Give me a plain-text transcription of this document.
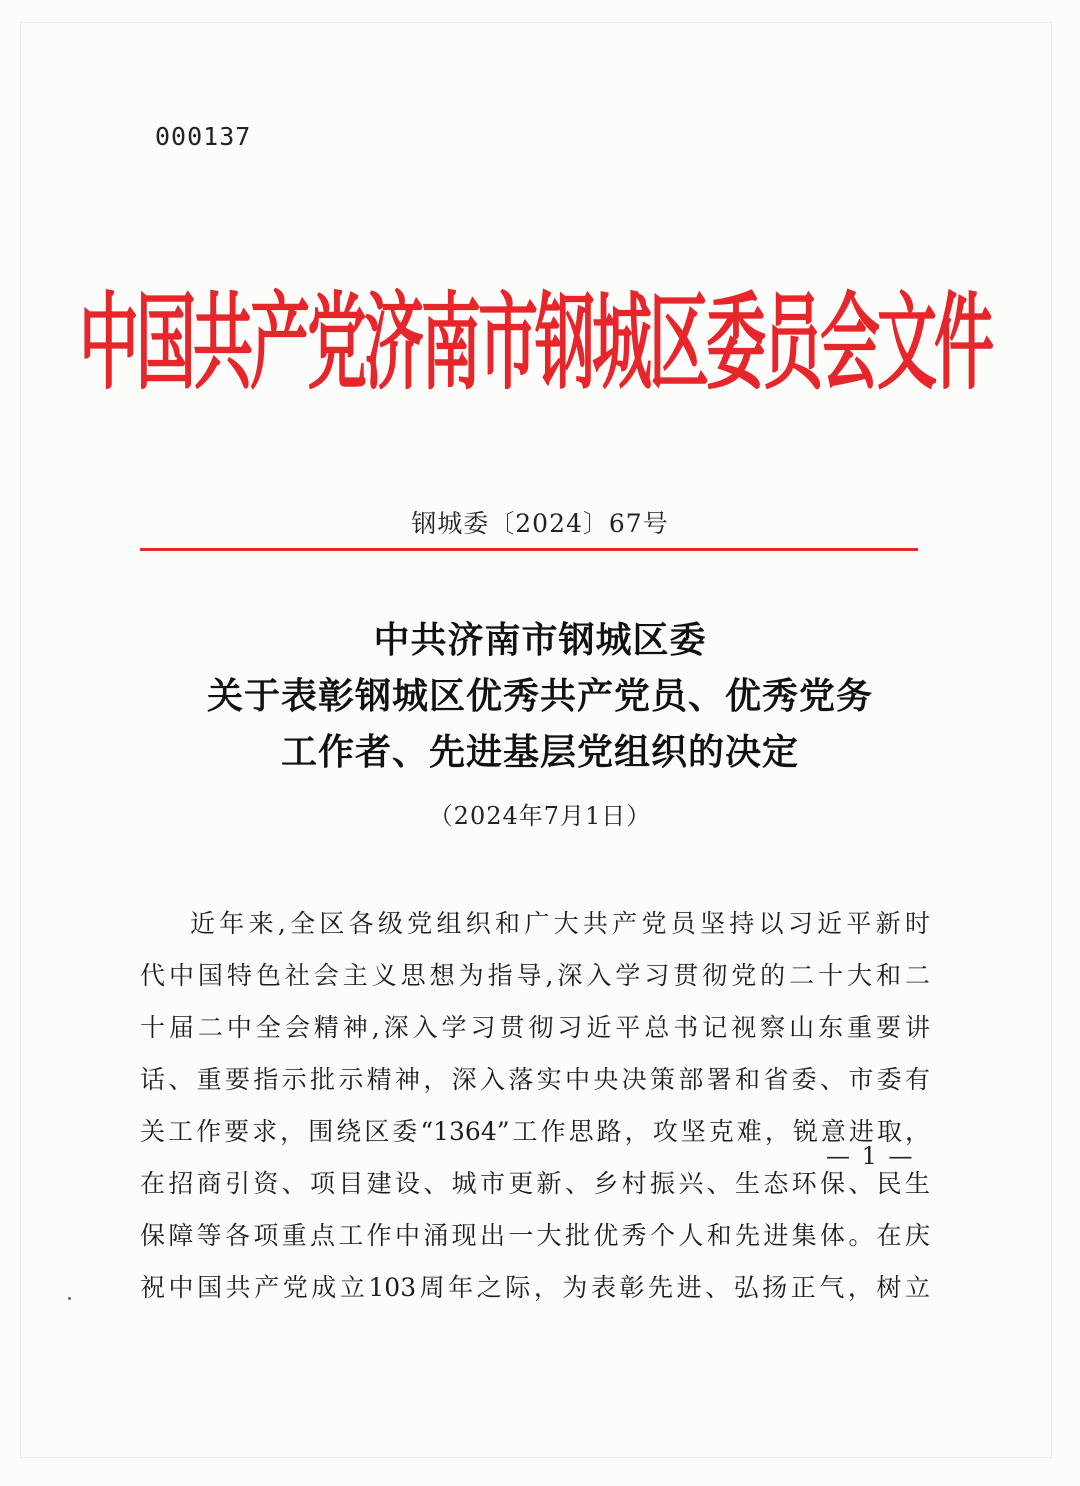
000137
中国共产党济南市钢城区委员会文件
钢城委〔2024〕67号
中共济南市钢城区委
关于表彰钢城区优秀共产党员、优秀党务
工作者、先进基层党组织的决定
（2024年7月1日）
近年来,全区各级党组织和广大共产党员坚持以习近平新时
代中国特色社会主义思想为指导,深入学习贯彻党的二十大和二
十届二中全会精神,深入学习贯彻习近平总书记视察山东重要讲
话、重要指示批示精神，深入落实中央决策部署和省委、市委有
关工作要求，围绕区委“1364”工作思路，攻坚克难，锐意进取，
在招商引资、项目建设、城市更新、乡村振兴、生态环保、民生
保障等各项重点工作中涌现出一大批优秀个人和先进集体。在庆
祝中国共产党成立103周年之际，为表彰先进、弘扬正气，树立
— 1 —
